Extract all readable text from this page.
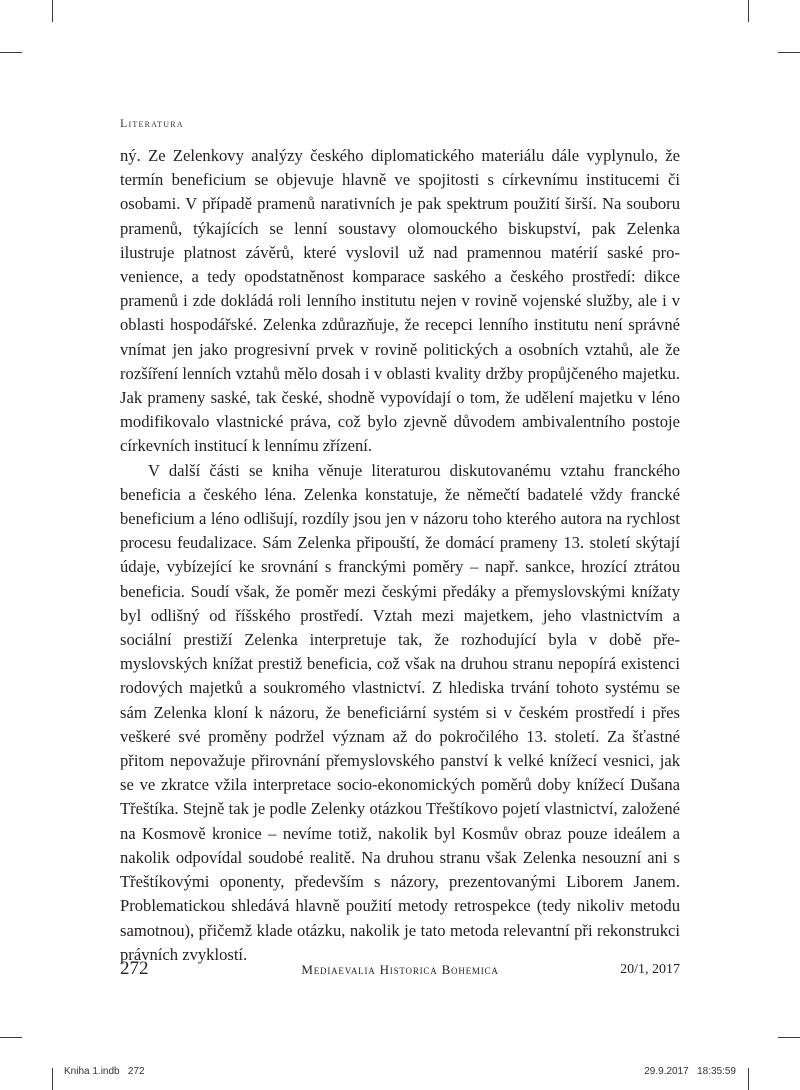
Literatura

ný. Ze Zelenkovy analýzy českého diplomatického materiálu dále vyplynulo, že termín beneficium se objevuje hlavně ve spojitosti s církevnímu institucemi či osobami. V případě pramenů narativních je pak spektrum použití širší. Na souboru pramenů, týkajících se lenní soustavy olomouckého biskupství, pak Zelenka ilustruje platnost závěrů, které vyslovil už nad pramennou matérií saské provenience, a tedy opodstatněnost komparace saského a českého prostředí: dikce pramenů i zde dokládá roli lenního institutu nejen v rovině vojenské služby, ale i v oblasti hospodářské. Zelenka zdůrazňuje, že recepci lenního institutu není správné vnímat jen jako progresivní prvek v rovině politických a osobních vztahů, ale že rozšíření lenních vztahů mělo dosah i v oblasti kvality držby propůjčeného majetku. Jak prameny saské, tak české, shodně vypovídají o tom, že udělení majetku v léno modifikovalo vlastnické práva, což bylo zjevně důvodem ambivalentního postoje církevních institucí k lennímu zřízení.

V další části se kniha věnuje literaturou diskutovanému vztahu franckého beneficia a českého léna. Zelenka konstatuje, že němečtí badatelé vždy francké beneficium a léno odlišují, rozdíly jsou jen v názoru toho kterého autora na rychlost procesu feudalizace. Sám Zelenka připouští, že domácí prameny 13. století skýtají údaje, vybízející ke srovnání s franckými poměry – např. sankce, hrozící ztrátou beneficia. Soudí však, že poměr mezi českými předáky a přemyslovskými knížaty byl odlišný od říšského prostředí. Vztah mezi majetkem, jeho vlastnictvím a sociální prestiží Zelenka interpretuje tak, že rozhodující byla v době přemyslovských knížat prestiž beneficia, což však na druhou stranu nepopírá existenci rodových majetků a soukromého vlastnictví. Z hlediska trvání tohoto systému se sám Zelenka kloní k názoru, že beneficiární systém si v českém prostředí i přes veškeré své proměny podržel význam až do pokročilého 13. století. Za šťastné přitom nepovažuje přirovnání přemyslovského panství k velké knížecí vesnici, jak se ve zkratce vžila interpretace socio-ekonomických poměrů doby knížecí Dušana Třeštíka. Stejně tak je podle Zelenky otázkou Třeštíkovo pojetí vlastnictví, založené na Kosmově kronice – nevíme totiž, nakolik byl Kosmův obraz pouze ideálem a nakolik odpovídal soudobé realitě. Na druhou stranu však Zelenka nesouzní ani s Třeštíkovými oponenty, především s názory, prezentovanými Liborem Janem. Problematickou shledává hlavně použití metody retrospekce (tedy nikoliv metodu samotnou), přičemž klade otázku, nakolik je tato metoda relevantní při rekonstrukci právních zvyklostí.

272	Mediaevalia Historica Bohemica	20/1, 2017
Kniha 1.indb   272	29.9.2017   18:35:59
